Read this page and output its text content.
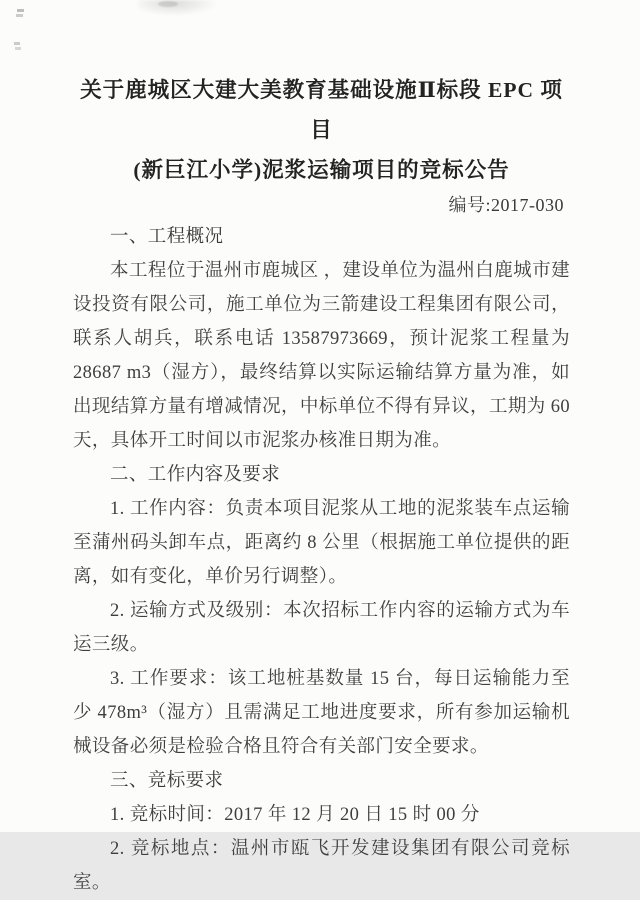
关于鹿城区大建大美教育基础设施Ⅱ标段 EPC 项目
(新巨江小学)泥浆运输项目的竞标公告
编号:2017-030

一、工程概况

本工程位于温州市鹿城区 ，建设单位为温州白鹿城市建设投资有限公司，施工单位为三箭建设工程集团有限公司，联系人胡兵，联系电话 13587973669，预计泥浆工程量为 28687 m3（湿方），最终结算以实际运输结算方量为准，如出现结算方量有增减情况，中标单位不得有异议，工期为 60 天，具体开工时间以市泥浆办核准日期为准。

二、工作内容及要求

1. 工作内容：负责本项目泥浆从工地的泥浆装车点运输至蒲州码头卸车点，距离约 8 公里（根据施工单位提供的距离，如有变化，单价另行调整）。

2. 运输方式及级别：本次招标工作内容的运输方式为车运三级。

3. 工作要求：该工地桩基数量 15 台，每日运输能力至少 478m³（湿方）且需满足工地进度要求，所有参加运输机械设备必须是检验合格且符合有关部门安全要求。

三、竞标要求

1. 竞标时间：2017 年 12 月 20 日 15 时 00 分

2. 竞标地点：温州市瓯飞开发建设集团有限公司竞标室。
